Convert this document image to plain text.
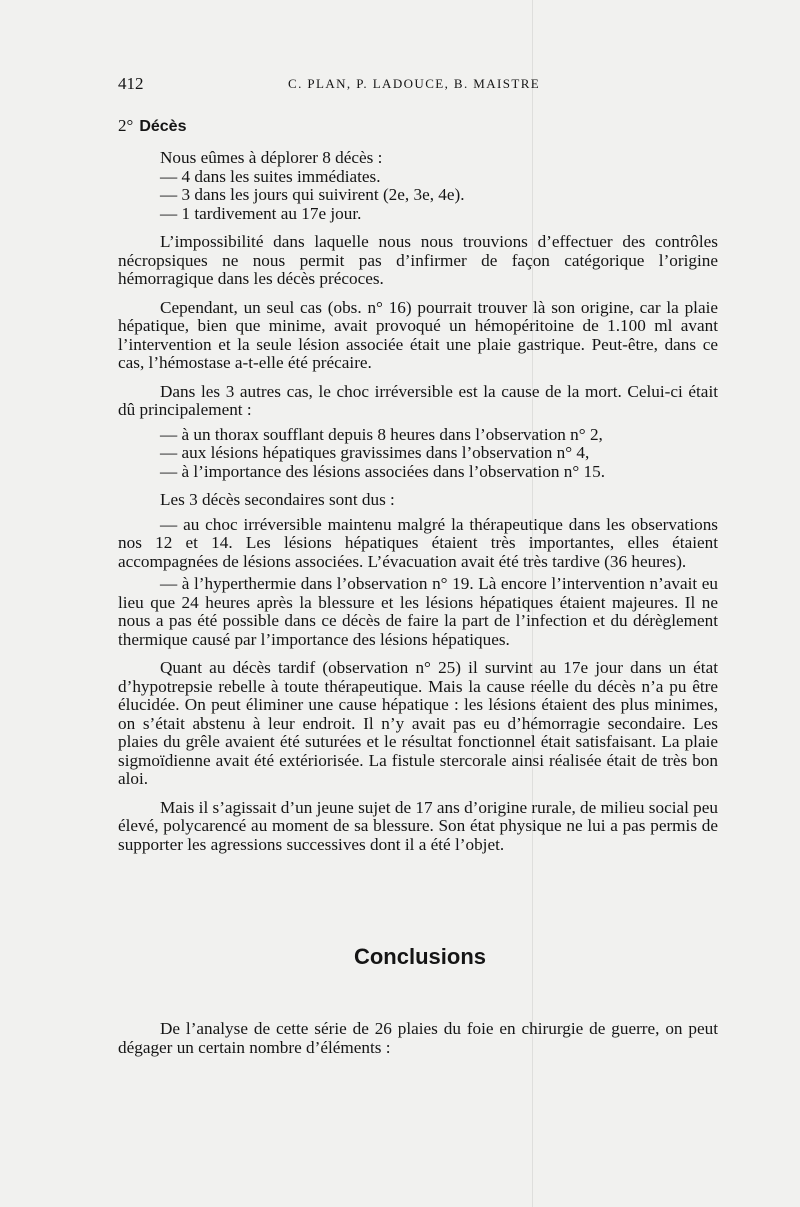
412	C. PLAN, P. LADOUCE, B. MAISTRE
2° Décès

Nous eûmes à déplorer 8 décès :

— 4 dans les suites immédiates.

— 3 dans les jours qui suivirent (2e, 3e, 4e).

— 1 tardivement au 17e jour.

L’impossibilité dans laquelle nous nous trouvions d’effectuer des contrôles nécropsiques ne nous permit pas d’infirmer de façon catégorique l’origine hémorragique dans les décès précoces.

Cependant, un seul cas (obs. n° 16) pourrait trouver là son origine, car la plaie hépatique, bien que minime, avait provoqué un hémopéritoine de 1.100 ml avant l’intervention et la seule lésion associée était une plaie gastrique. Peut-être, dans ce cas, l’hémostase a-t-elle été précaire.

Dans les 3 autres cas, le choc irréversible est la cause de la mort. Celui-ci était dû principalement :

— à un thorax soufflant depuis 8 heures dans l’observation n° 2,

— aux lésions hépatiques gravissimes dans l’observation n° 4,

— à l’importance des lésions associées dans l’observation n° 15.

Les 3 décès secondaires sont dus :

— au choc irréversible maintenu malgré la thérapeutique dans les observations nos 12 et 14. Les lésions hépatiques étaient très importantes, elles étaient accompagnées de lésions associées. L’évacuation avait été très tardive (36 heures).

— à l’hyperthermie dans l’observation n° 19. Là encore l’intervention n’avait eu lieu que 24 heures après la blessure et les lésions hépatiques étaient majeures. Il ne nous a pas été possible dans ce décès de faire la part de l’infection et du dérèglement thermique causé par l’importance des lésions hépatiques.

Quant au décès tardif (observation n° 25) il survint au 17e jour dans un état d’hypotrepsie rebelle à toute thérapeutique. Mais la cause réelle du décès n’a pu être élucidée. On peut éliminer une cause hépatique : les lésions étaient des plus minimes, on s’était abstenu à leur endroit. Il n’y avait pas eu d’hémorragie secondaire. Les plaies du grêle avaient été suturées et le résultat fonctionnel était satisfaisant. La plaie sigmoïdienne avait été extériorisée. La fistule stercorale ainsi réalisée était de très bon aloi.

Mais il s’agissait d’un jeune sujet de 17 ans d’origine rurale, de milieu social peu élevé, polycarencé au moment de sa blessure. Son état physique ne lui a pas permis de supporter les agressions successives dont il a été l’objet.

Conclusions

De l’analyse de cette série de 26 plaies du foie en chirurgie de guerre, on peut dégager un certain nombre d’éléments :
